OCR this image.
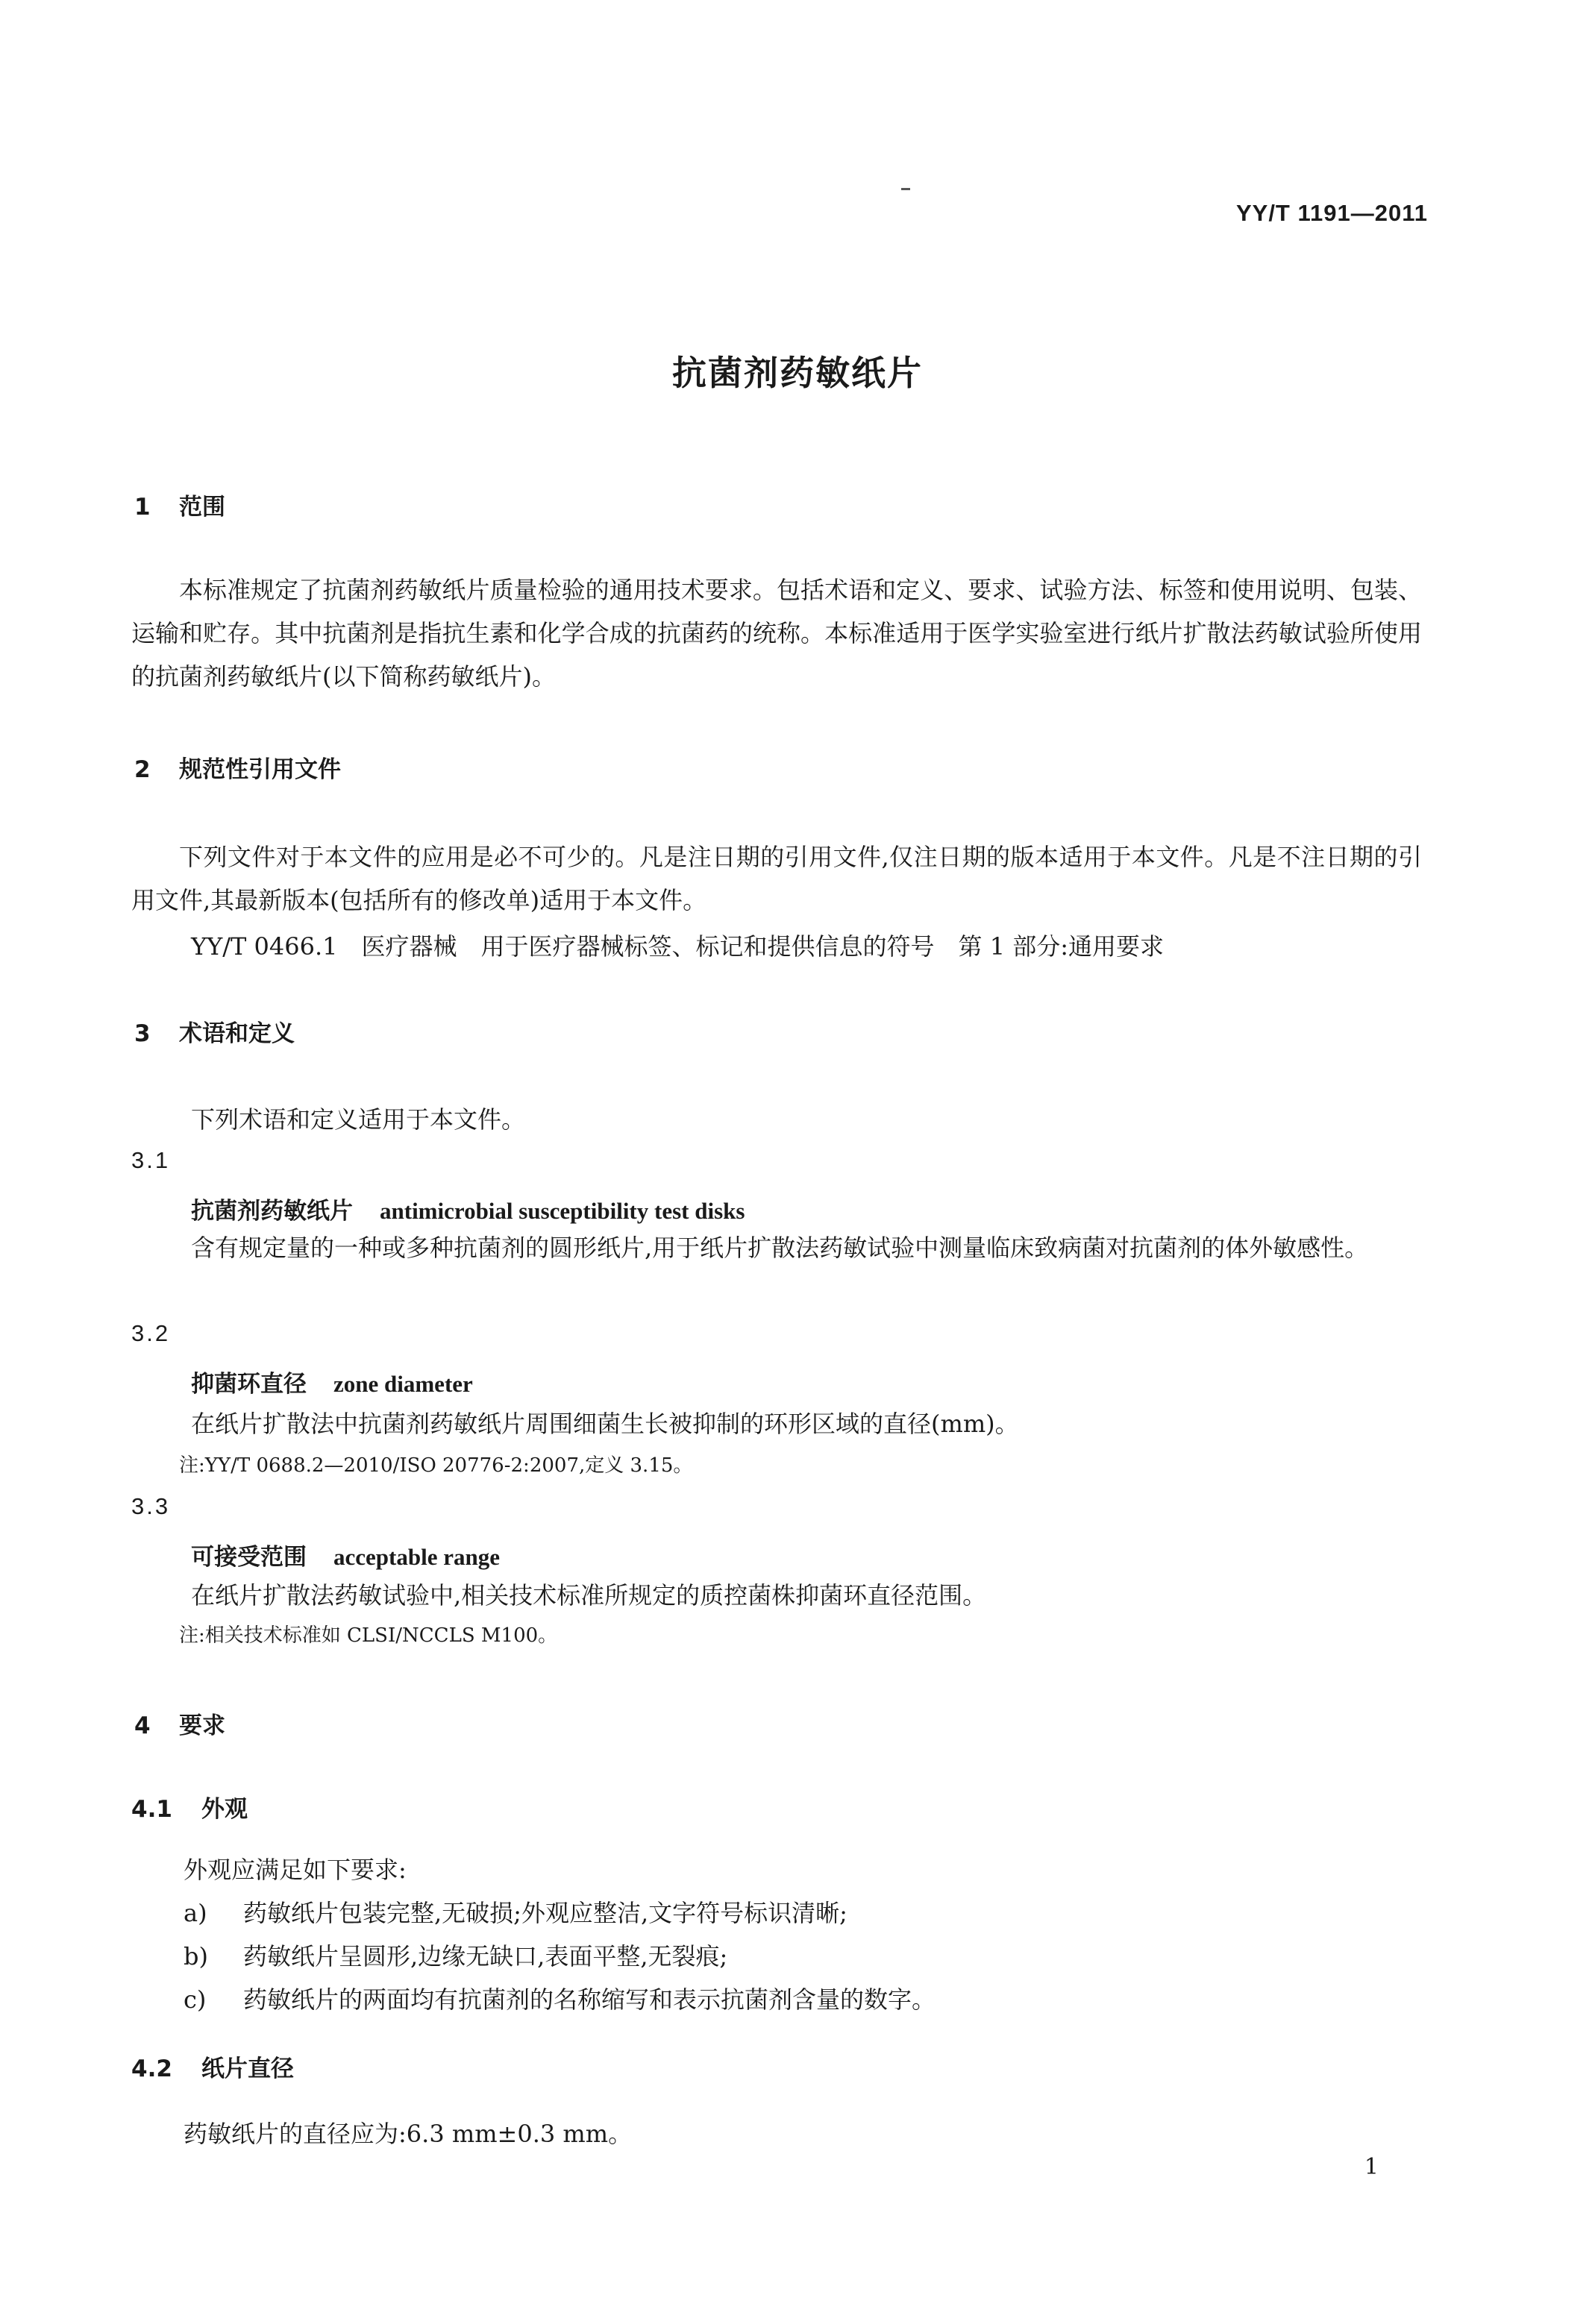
YY/T 1191—2011
抗菌剂药敏纸片
1 范围
本标准规定了抗菌剂药敏纸片质量检验的通用技术要求。包括术语和定义、要求、试验方法、标签和使用说明、包装、运输和贮存。其中抗菌剂是指抗生素和化学合成的抗菌药的统称。本标准适用于医学实验室进行纸片扩散法药敏试验所使用的抗菌剂药敏纸片(以下简称药敏纸片)。
2 规范性引用文件
下列文件对于本文件的应用是必不可少的。凡是注日期的引用文件,仅注日期的版本适用于本文件。凡是不注日期的引用文件,其最新版本(包括所有的修改单)适用于本文件。
YY/T 0466.1 医疗器械 用于医疗器械标签、标记和提供信息的符号 第 1 部分:通用要求
3 术语和定义
下列术语和定义适用于本文件。
3.1
抗菌剂药敏纸片 antimicrobial susceptibility test disks
含有规定量的一种或多种抗菌剂的圆形纸片,用于纸片扩散法药敏试验中测量临床致病菌对抗菌剂的体外敏感性。
3.2
抑菌环直径 zone diameter
在纸片扩散法中抗菌剂药敏纸片周围细菌生长被抑制的环形区域的直径(mm)。
注:YY/T 0688.2—2010/ISO 20776-2:2007,定义 3.15。
3.3
可接受范围 acceptable range
在纸片扩散法药敏试验中,相关技术标准所规定的质控菌株抑菌环直径范围。
注:相关技术标准如 CLSI/NCCLS M100。
4 要求
4.1 外观
外观应满足如下要求:
a) 药敏纸片包装完整,无破损;外观应整洁,文字符号标识清晰;
b) 药敏纸片呈圆形,边缘无缺口,表面平整,无裂痕;
c) 药敏纸片的两面均有抗菌剂的名称缩写和表示抗菌剂含量的数字。
4.2 纸片直径
药敏纸片的直径应为:6.3 mm±0.3 mm。
1
